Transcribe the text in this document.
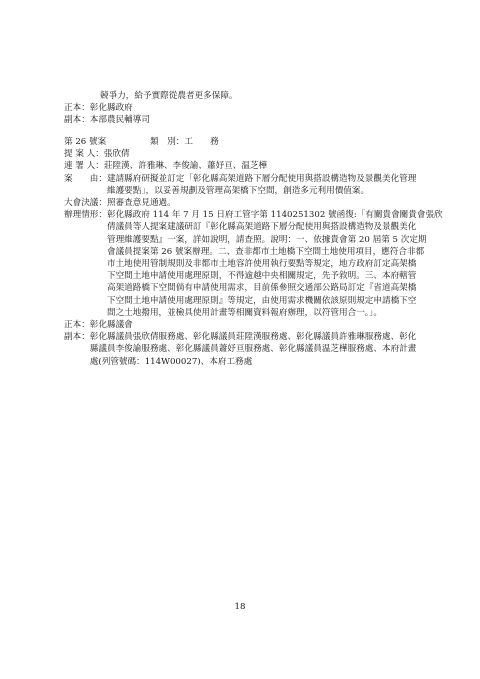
競爭力，給予實際從農者更多保障。
正本：彰化縣政府
副本：本部農民輔導司
第 26 號案	類　別：工　　務
提 案 人： 張欣倩
連 署 人： 莊陞漢、許雅琳、李俊諭、蕭妤亘、温芝樺
案　　由： 建請縣府研擬並訂定「彰化縣高架道路下層分配使用與搭設構造物及景觀美化管理
維護要點」，以妥善規劃及管理高架橋下空間，創造多元利用價值案。
大會決議：照審查意見通過。
辦理情形： 彰化縣政府 114 年 7 月 15 日府工管字第 1140251302 號函復:「有關貴會關貴會張欣
倩議員等人提案建議研訂『彰化縣高架道路下層分配使用與搭設構造物及景觀美化
管理維護要點』一案，詳如說明，請查照。說明：一、依據貴會第 20 屆第 5 次定期
會議員提案第 26 號案辦理。二、查非都市土地橋下空間土地使用項目，應符合非都
市土地使用管制規則及非都市土地容許使用執行要點等規定，地方政府訂定高架橋
下空間土地申請使用處理原則，不得逾越中央相關規定，先予敘明。三、本府轄管
高架道路橋下空間倘有申請使用需求，目前係參照交通部公路局訂定『省道高架橋
下空間土地申請使用處理原則』等規定，由使用需求機關依該原則規定申請橋下空
間之土地撥用，並檢具使用計畫等相關資料報府辦理，以符管用合一。」。
正本：彰化縣議會
副本： 彰化縣議員張欣倩服務處、彰化縣議員莊陞漢服務處、彰化縣議員許雅琳服務處、彰化
縣議員李俊諭服務處、彰化縣議員蕭妤亘服務處、彰化縣議員温芝樺服務處、本府計畫
處(列管號碼：114W00027)、本府工務處
18
